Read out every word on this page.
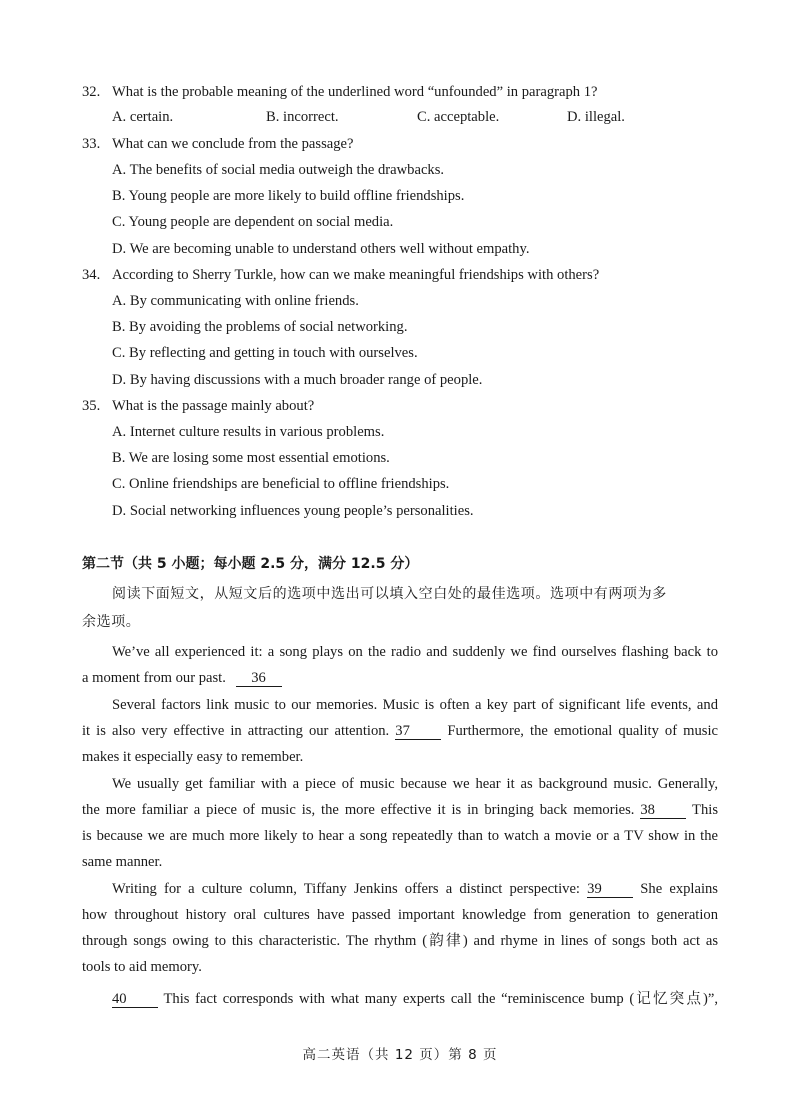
32. What is the probable meaning of the underlined word “unfounded” in paragraph 1?
A. certain.	B. incorrect.	C. acceptable.	D. illegal.
33. What can we conclude from the passage?
A. The benefits of social media outweigh the drawbacks.
B. Young people are more likely to build offline friendships.
C. Young people are dependent on social media.
D. We are becoming unable to understand others well without empathy.
34. According to Sherry Turkle, how can we make meaningful friendships with others?
A. By communicating with online friends.
B. By avoiding the problems of social networking.
C. By reflecting and getting in touch with ourselves.
D. By having discussions with a much broader range of people.
35. What is the passage mainly about?
A. Internet culture results in various problems.
B. We are losing some most essential emotions.
C. Online friendships are beneficial to offline friendships.
D. Social networking influences young people’s personalities.
第二节（共 5 小题；每小题 2.5 分，满分 12.5 分）
阅读下面短文，从短文后的选项中选出可以填入空白处的最佳选项。选项中有两项为多
余选项。
We’ve all experienced it: a song plays on the radio and suddenly we find ourselves flashing back to
a moment from our past. 36
Several factors link music to our memories. Music is often a key part of significant life events, and
it is also very effective in attracting our attention. 37	Furthermore, the emotional quality of music
makes it especially easy to remember.
We usually get familiar with a piece of music because we hear it as background music. Generally,
the more familiar a piece of music is, the more effective it is in bringing back memories. 38	This
is because we are much more likely to hear a song repeatedly than to watch a movie or a TV show in the
same manner.
Writing for a culture column, Tiffany Jenkins offers a distinct perspective: 39	She explains
how throughout history oral cultures have passed important knowledge from generation to generation
through songs owing to this characteristic. The rhythm (韵律) and rhyme in lines of songs both act as
tools to aid memory.
40	This fact corresponds with what many experts call the “reminiscence bump (记忆突点)”,
高二英语（共 12 页）第 8 页
